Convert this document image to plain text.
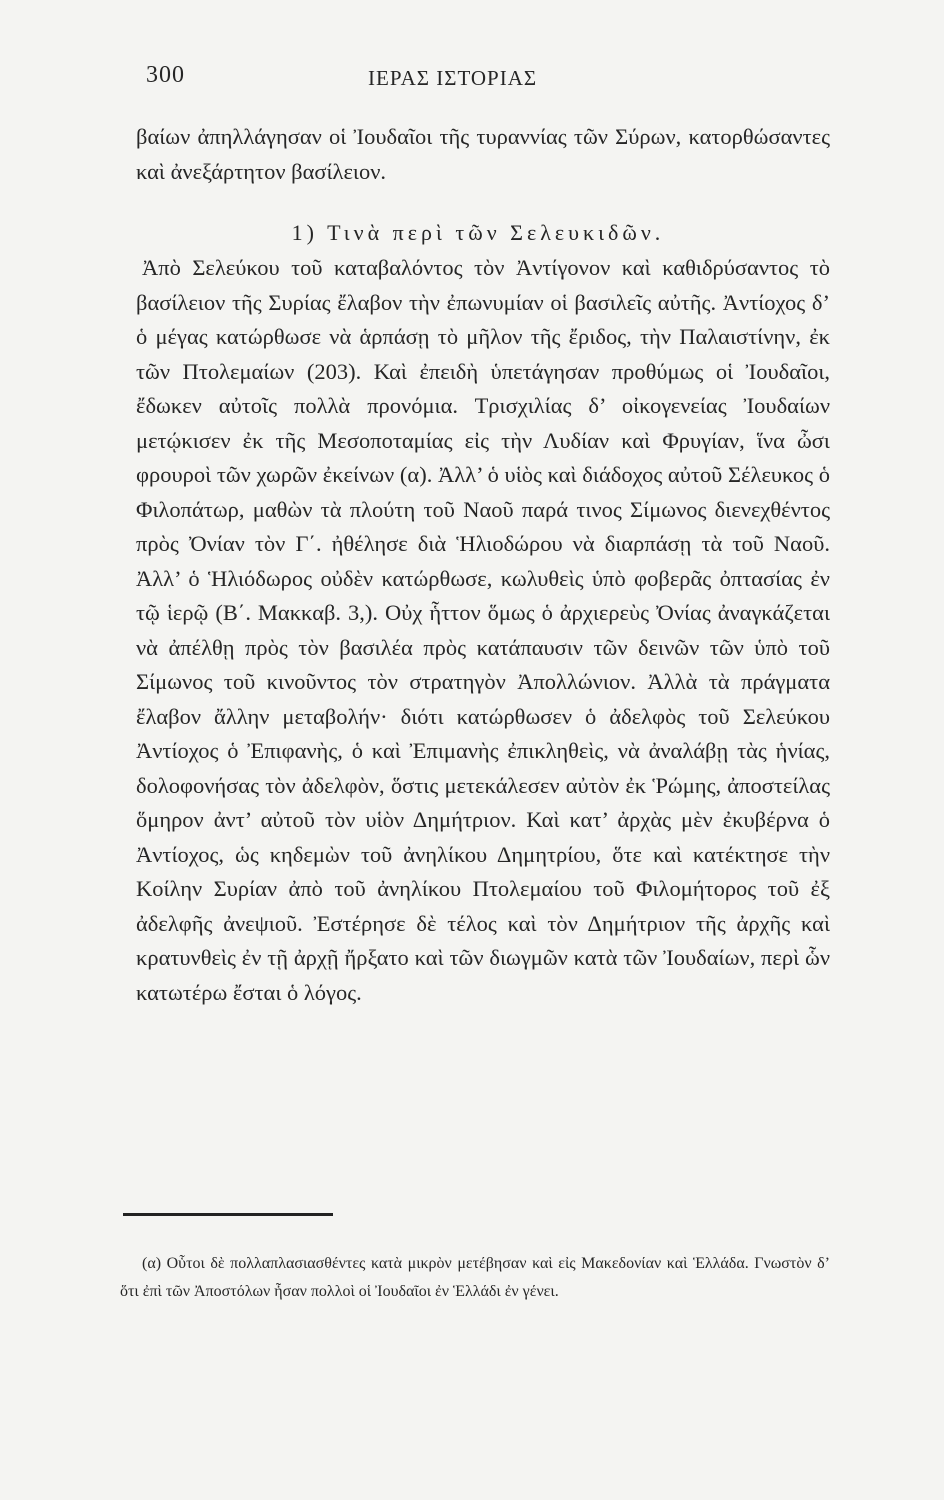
300	ΙΕΡΑΣ ΙΣΤΟΡΙΑΣ

βαίων ἀπηλλάγησαν οἱ Ἰουδαῖοι τῆς τυραννίας τῶν Σύρων, κατορθώσαντες καὶ ἀνεξάρτητον βασίλειον.

1) Τινὰ περὶ τῶν Σελευκιδῶν.

Ἀπὸ Σελεύκου τοῦ καταβαλόντος τὸν Ἀντίγονον καὶ καθιδρύσαντος τὸ βασίλειον τῆς Συρίας ἔλαβον τὴν ἐπωνυμίαν οἱ βασιλεῖς αὐτῆς. Ἀντίοχος δ’ ὁ μέγας κατώρθωσε νὰ ἁρπάσῃ τὸ μῆλον τῆς ἔριδος, τὴν Παλαιστίνην, ἐκ τῶν Πτολεμαίων (203). Καὶ ἐπειδὴ ὑπετάγησαν προθύμως οἱ Ἰουδαῖοι, ἔδωκεν αὐτοῖς πολλὰ προνόμια. Τρισχιλίας δ’ οἰκογενείας Ἰουδαίων μετῴκισεν ἐκ τῆς Μεσοποταμίας εἰς τὴν Λυδίαν καὶ Φρυγίαν, ἵνα ὦσι φρουροὶ τῶν χωρῶν ἐκείνων (α). Ἀλλ’ ὁ υἱὸς καὶ διάδοχος αὐτοῦ Σέλευκος ὁ Φιλοπάτωρ, μαθὼν τὰ πλούτη τοῦ Ναοῦ παρά τινος Σίμωνος διενεχθέντος πρὸς Ὀνίαν τὸν Γ΄. ἠθέλησε διὰ Ἡλιοδώρου νὰ διαρπάσῃ τὰ τοῦ Ναοῦ. Ἀλλ’ ὁ Ἡλιόδωρος οὐδὲν κατώρθωσε, κωλυθεὶς ὑπὸ φοβερᾶς ὀπτασίας ἐν τῷ ἱερῷ (Β΄. Μακκαβ. 3,). Οὐχ ἧττον ὅμως ὁ ἀρχιερεὺς Ὀνίας ἀναγκάζεται νὰ ἀπέλθῃ πρὸς τὸν βασιλέα πρὸς κατάπαυσιν τῶν δεινῶν τῶν ὑπὸ τοῦ Σίμωνος τοῦ κινοῦντος τὸν στρατηγὸν Ἀπολλώνιον. Ἀλλὰ τὰ πράγματα ἔλαβον ἄλλην μεταβολήν· διότι κατώρθωσεν ὁ ἀδελφὸς τοῦ Σελεύκου Ἀντίοχος ὁ Ἐπιφανὴς, ὁ καὶ Ἐπιμανὴς ἐπικληθεὶς, νὰ ἀναλάβῃ τὰς ἡνίας, δολοφονήσας τὸν ἀδελφὸν, ὅστις μετεκάλεσεν αὐτὸν ἐκ Ῥώμης, ἀποστείλας ὅμηρον ἀντ’ αὐτοῦ τὸν υἱὸν Δημήτριον. Καὶ κατ’ ἀρχὰς μὲν ἐκυβέρνα ὁ Ἀντίοχος, ὡς κηδεμὼν τοῦ ἀνηλίκου Δημητρίου, ὅτε καὶ κατέκτησε τὴν Κοίλην Συρίαν ἀπὸ τοῦ ἀνηλίκου Πτολεμαίου τοῦ Φιλομήτορος τοῦ ἐξ ἀδελφῆς ἀνεψιοῦ. Ἐστέρησε δὲ τέλος καὶ τὸν Δημήτριον τῆς ἀρχῆς καὶ κρατυνθεὶς ἐν τῇ ἀρχῇ ἤρξατο καὶ τῶν διωγμῶν κατὰ τῶν Ἰουδαίων, περὶ ὧν κατωτέρω ἔσται ὁ λόγος.

(α) Οὗτοι δὲ πολλαπλασιασθέντες κατὰ μικρὸν μετέβησαν καὶ εἰς Μακεδονίαν καὶ Ἑλλάδα. Γνωστὸν δ’ ὅτι ἐπὶ τῶν Ἀποστόλων ἦσαν πολλοὶ οἱ Ἰουδαῖοι ἐν Ἑλλάδι ἐν γένει.
